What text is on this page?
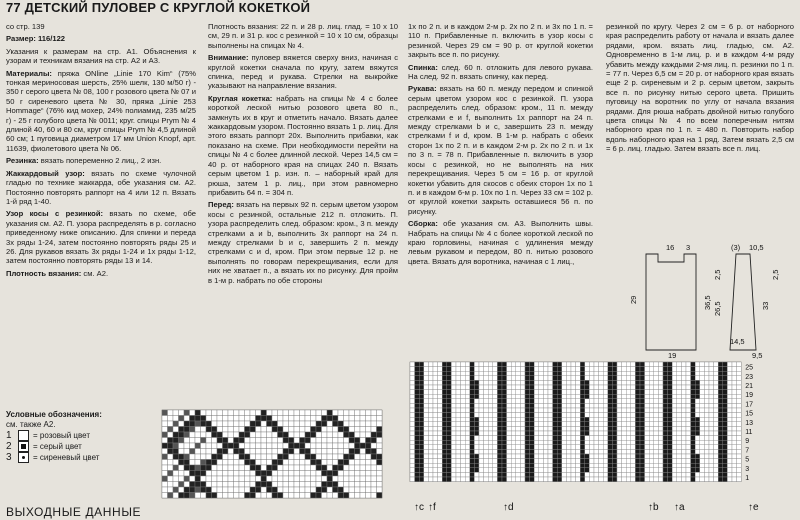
77 ДЕТСКИЙ ПУЛОВЕР С КРУГЛОЙ КОКЕТКОЙ

со стр. 139

Размер: 116/122

Указания к размерам на стр. А1. Объяснения к узорам и техникам вязания на стр. А2 и А3.

Материалы: пряжа ONline „Linie 170 Kim“ (75% тонкая мериносовая шерсть, 25% шелк, 130 м/50 г) - 350 г серого цвета № 08, 100 г розового цвета № 07 и 50 г сиреневого цвета № 30, пряжа „Linie 253 Hommage“ (76% кид мохер, 24% полиамид, 235 м/25 г) - 25 г голубого цвета № 0011; круг. спицы Prym № 4 длиной 40, 60 и 80 см, круг спицы Prym № 4,5 длиной 60 см; 1 пуговица диаметром 17 мм Union Knopf, арт. 11639, фиолетового цвета № 06.

Резинка: вязать попеременно 2 лиц., 2 изн.

Жаккардовый узор: вязать по схеме чулочной гладью по технике жаккарда, обе указания см. А2. Постоянно повторять раппорт на 4 или 12 п. Вязать 1-й ряд 1-40.

Узор косы с резинкой: вязать по схеме, обе указания см. А2. П. узора распределять в р. согласно приведенному ниже описанию. Для спинки и переда 3х ряды 1-24, затем постоянно повторять ряды 25 и 26. Для рукавов вязать 3х ряды 1-24 и 1х ряды 1-12, затем постоянно повторять ряды 13 и 14.

Плотность вязания: см. А2.

Плотность вязания: 22 п. и 28 р. лиц. глад. = 10 х 10 см, 29 п. и 31 р. кос с резинкой = 10 х 10 см, образцы выполнены на спицах № 4.

Внимание: пуловер вяжется сверху вниз, начиная с круглой кокетки сначала по кругу, затем вяжутся спинка, перед и рукава. Стрелки на выкройке указывают на направление вязания.

Круглая кокетка: набрать на спицы № 4 с более короткой леской нитью розового цвета 80 п., замкнуть их в круг и отметить начало. Вязать далее жаккардовым узором. Постоянно вязать 1 р. лиц. Для этого вязать раппорт 20х. Выполнить прибавки, как показано на схеме. При необходимости перейти на спицы № 4 с более длинной леской. Через 14,5 см = 40 р. от наборного края на спицах 240 п. Вязать серым цветом 1 р. изн. п. – наборный край для рюша, затем 1 р. лиц., при этом равномерно прибавить 64 п. = 304 п.

Перед: вязать на первых 92 п. серым цветом узором косы с резинкой, остальные 212 п. отложить. П. узора распределить след. образом: кром., 3 п. между стрелками а и b, выполнить 3х раппорт на 24 п. между стрелками b и с, завершить 2 п. между стрелками с и d, кром. При этом первые 12 р. не выполнять по говорам перекрещивания, если для них не хватает п., а вязать их по рисунку. Для пройм в 1-м р. набрать по обе стороны

1х по 2 п. и в каждом 2-м р. 2х по 2 п. и 3х по 1 п. = 110 п. Прибавленные п. включить в узор косы с резинкой. Через 29 см = 90 р. от круглой кокетки закрыть все п. по рисунку.

Спинка: след. 60 п. отложить для левого рукава. На след. 92 п. вязать спинку, как перед.

Рукава: вязать на 60 п. между передом и спинкой серым цветом узором кос с резинкой. П. узора распределить след. образом: кром., 11 п. между стрелками е и f, выполнить 1х раппорт на 24 п. между стрелками b и с, завершить 23 п. между стрелками f и d, кром. В 1-м р. набрать с обеих сторон 1х по 2 п. и в каждом 2-м р. 2х по 2 п. и 1х по 3 п. = 78 п. Прибавленные п. включить в узор косы с резинкой, но не выполнять на них перекрещивания. Через 5 см = 16 р. от круглой кокетки убавить для скосов с обеих сторон 1х по 1 п. и в каждом 6-м р. 10х по 1 п. Через 33 см = 102 р. от круглой кокетки закрыть оставшиеся 56 п. по рисунку.

Сборка: обе указания см. А3. Выполнить швы. Набрать на спицы № 4 с более короткой леской по краю горловины, начиная с удлинения между левым рукавом и передом, 80 п. нитью розового цвета. Вязать для воротника, начиная с 1 лиц.,

резинкой по кругу. Через 2 см = 6 р. от наборного края распределить работу от начала и вязать далее рядами, кром. вязать лиц. гладью, см. А2. Одновременно в 1-м лиц. р. и в каждом 4-м ряду убавить между каждыми 2-мя лиц. п. резинки по 1 п. = 77 п. Через 6,5 см = 20 р. от наборного края вязать еще 2 р. сиреневым и 2 р. серым цветом, закрыть все п. по рисунку нитью серого цвета. Пришить пуговицу на воротник по углу от начала вязания рядами. Для рюша набрать двойной нитью голубого цвета спицы № 4 по всем поперечным нитям наборного края по 1 п. = 480 п. Повторить набор вдоль наборного края на 1 ряд. Затем вязать 2,5 см = 6 р. лиц. гладью. Затем вязать все п. лиц.

Условные обозначения:
см. также А2.
1	= розовый цвет
2	= серый цвет
3	= сиреневый цвет
16 3	(3) 10,5
29	36,5	33
26,5
2,5	2,5
14,5
9,5
19
25
23
21
19
17
15
13
11
9
7
5
3
1
↑c ↑f	↑d	↑b ↑a	↑e
ВЫХОДНЫЕ ДАННЫЕ
